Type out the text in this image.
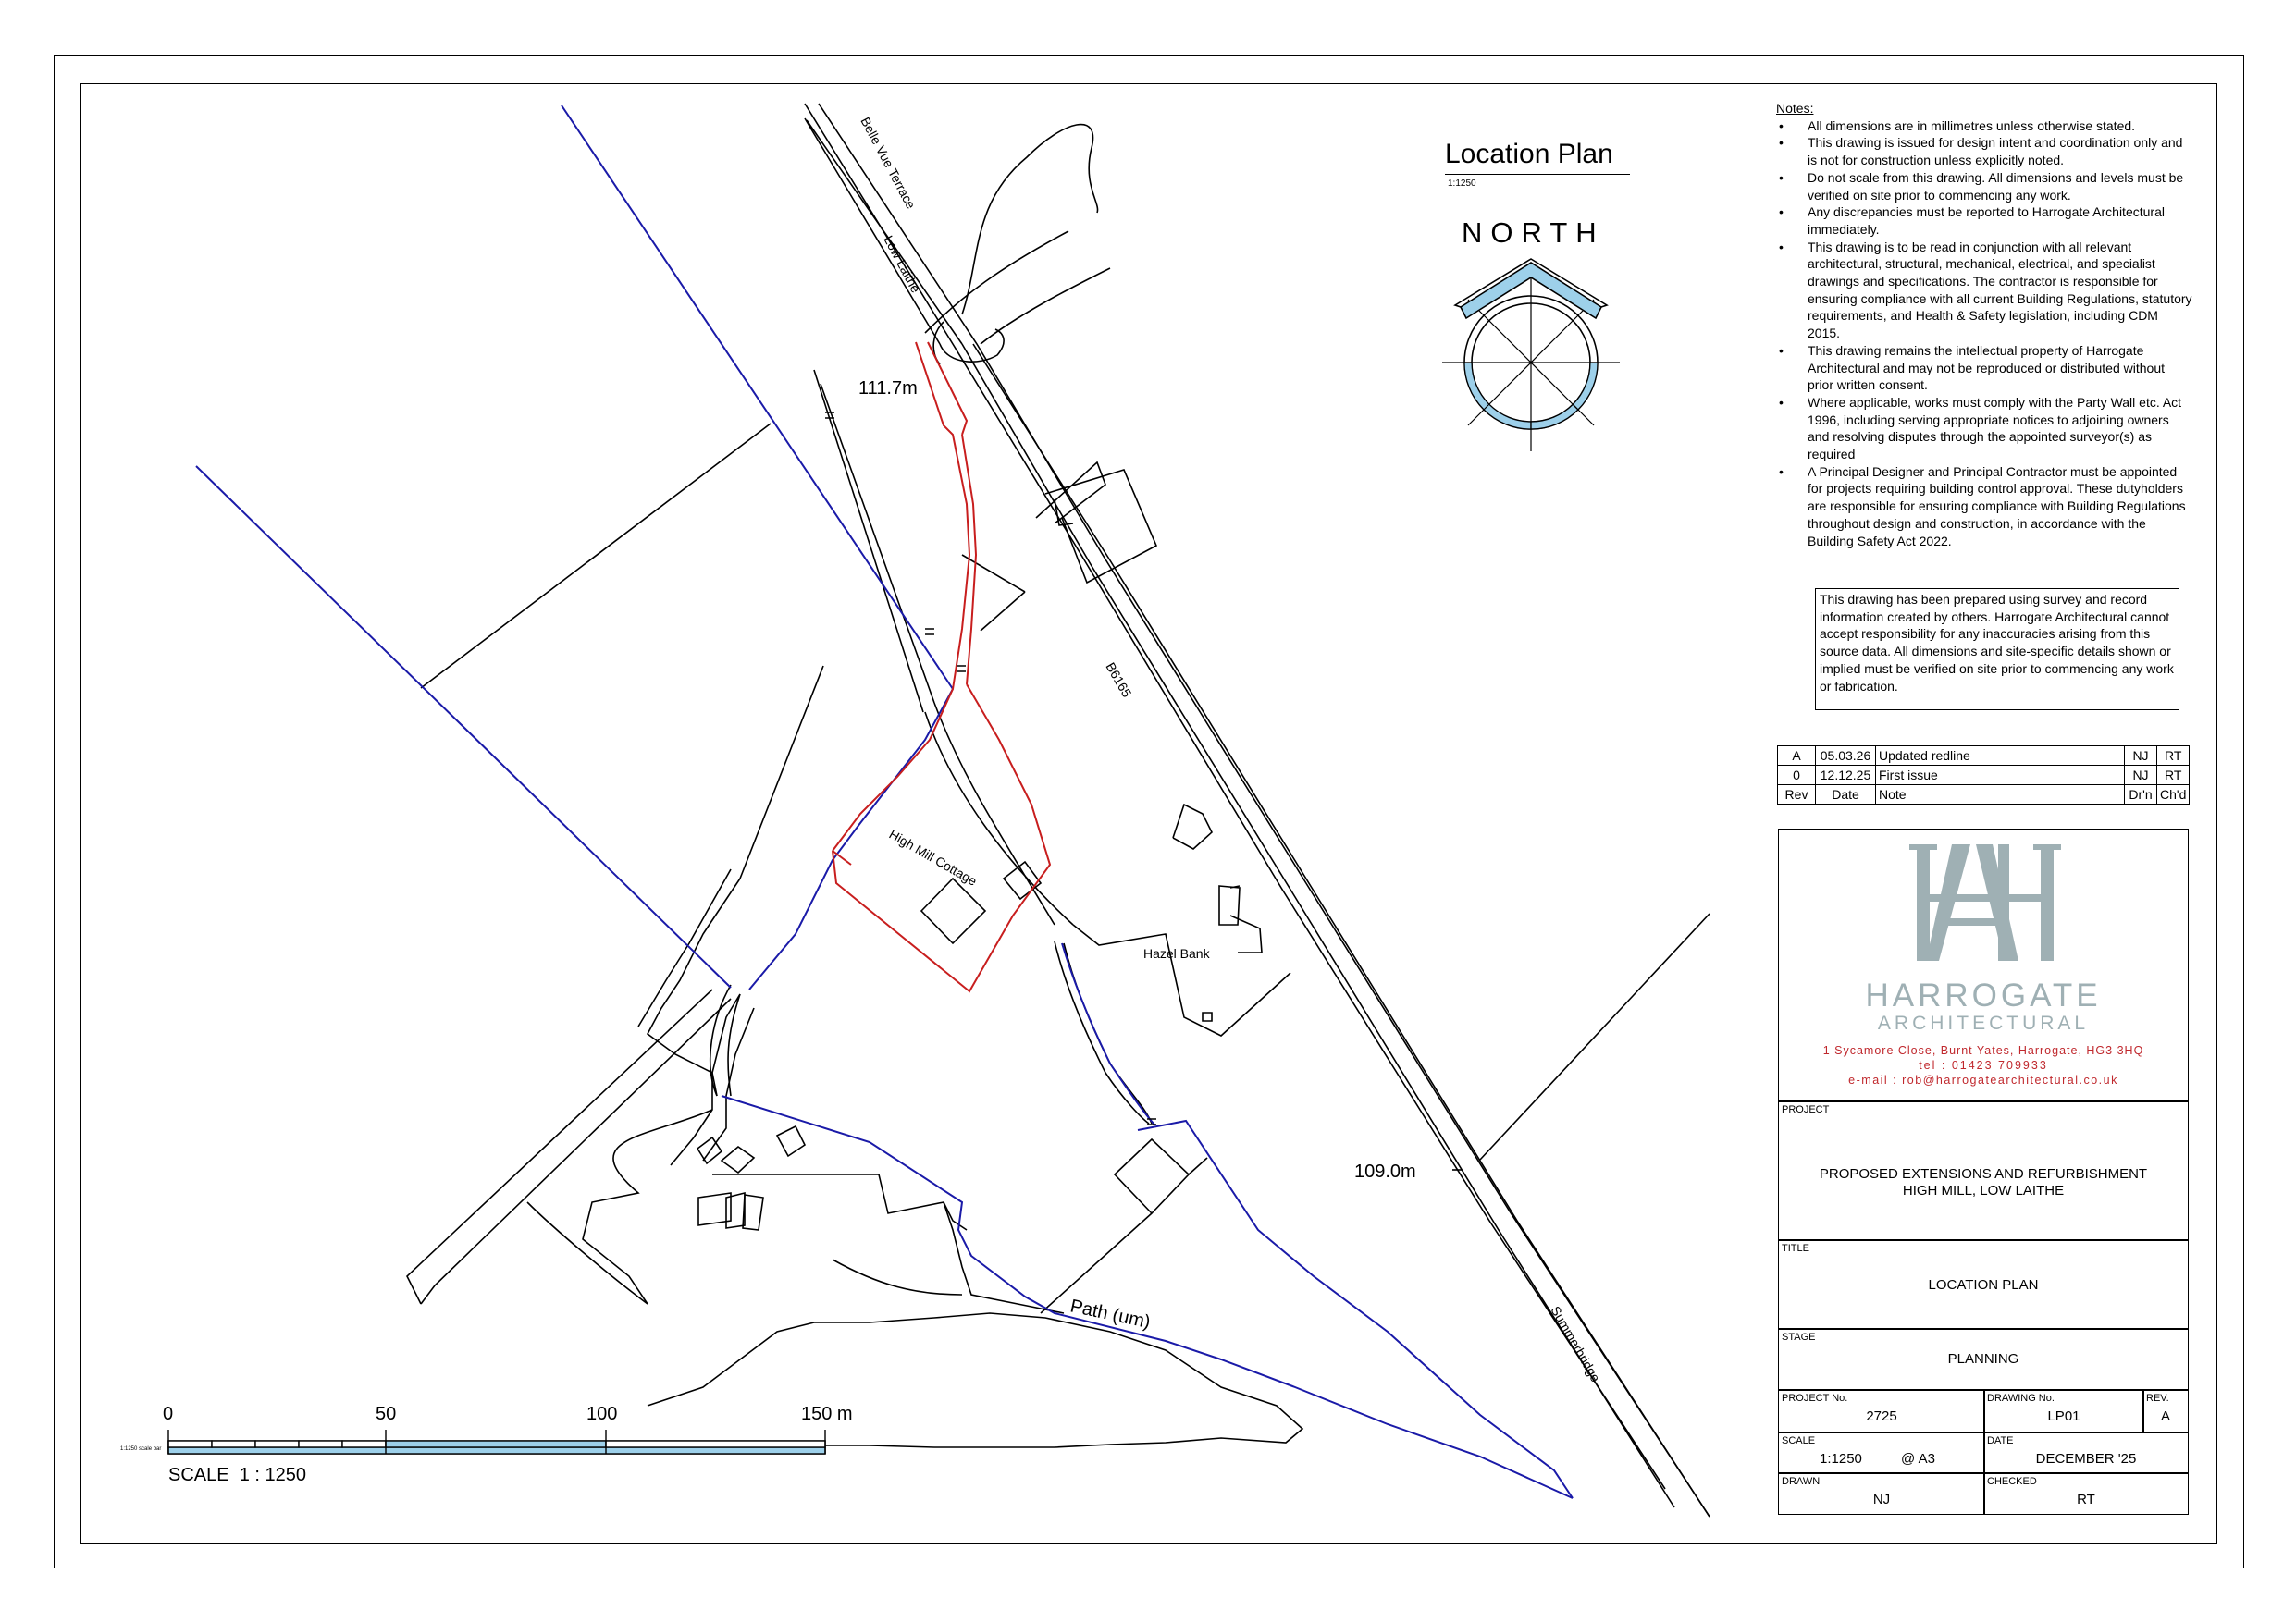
Belle Vue Terrace
Low Laithe
111.7m
109.0m
B6165
High Mill Cottage
Hazel Bank
Path (um)	Summerbridge
1:1250 scale bar
Location Plan
1:1250
NORTH
0	50	100	150 m
SCALE  1 : 1250
Notes:
• All dimensions are in millimetres unless otherwise stated.
• This drawing is issued for design intent and coordination only and is not for construction unless explicitly noted.
• Do not scale from this drawing. All dimensions and levels must be verified on site prior to commencing any work.
• Any discrepancies must be reported to Harrogate Architectural immediately.
• This drawing is to be read in conjunction with all relevant architectural, structural, mechanical, electrical, and specialist drawings and specifications. The contractor is responsible for ensuring compliance with all current Building Regulations, statutory requirements, and Health & Safety legislation, including CDM 2015.
• This drawing remains the intellectual property of Harrogate Architectural and may not be reproduced or distributed without prior written consent.
• Where applicable, works must comply with the Party Wall etc. Act 1996, including serving appropriate notices to adjoining owners and resolving disputes through the appointed surveyor(s) as required
• A Principal Designer and Principal Contractor must be appointed for projects requiring building control approval. These dutyholders are responsible for ensuring compliance with Building Regulations throughout design and construction, in accordance with the Building Safety Act 2022.
This drawing has been prepared using survey and record information created by others. Harrogate Architectural cannot accept responsibility for any inaccuracies arising from this source data. All dimensions and site-specific details shown or implied must be verified on site prior to commencing any work or fabrication.
A	05.03.26	Updated redline	NJ	RT
0	12.12.25	First issue	NJ	RT
Rev	Date	Note	Dr'n	Ch'd
HARROGATE
ARCHITECTURAL
1 Sycamore Close, Burnt Yates, Harrogate, HG3 3HQ
tel : 01423 709933
e-mail : rob@harrogatearchitectural.co.uk
PROJECT
PROPOSED EXTENSIONS AND REFURBISHMENT
HIGH MILL, LOW LAITHE
TITLE
LOCATION PLAN
STAGE
PLANNING
PROJECT No.
2725
DRAWING No.
LP01
REV.
A
SCALE
1:1250	@ A3
DATE
DECEMBER '25
DRAWN
NJ
CHECKED
RT
